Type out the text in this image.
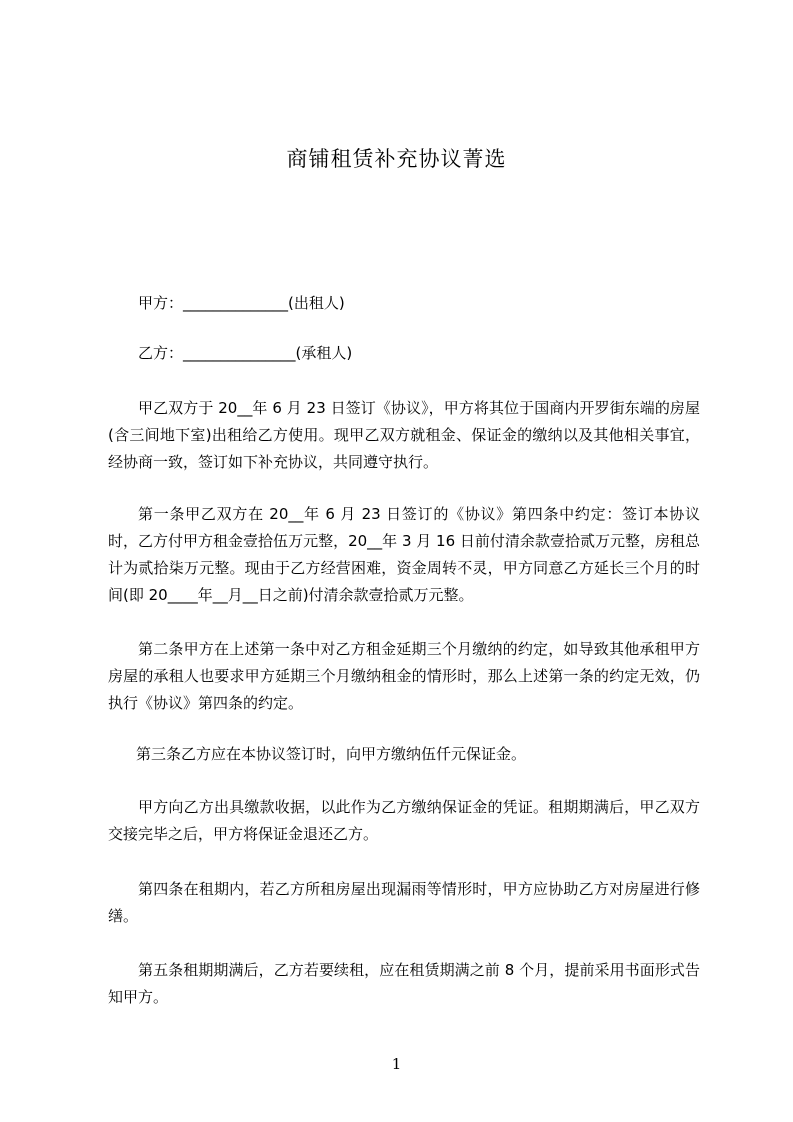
商铺租赁补充协议菁选

甲方：______________(出租人)

乙方：_______________(承租人)

甲乙双方于 20__年 6 月 23 日签订《协议》，甲方将其位于国商内开罗街东端的房屋(含三间地下室)出租给乙方使用。现甲乙双方就租金、保证金的缴纳以及其他相关事宜，经协商一致，签订如下补充协议，共同遵守执行。

第一条甲乙双方在 20__年 6 月 23 日签订的《协议》第四条中约定：签订本协议时，乙方付甲方租金壹拾伍万元整，20__年 3 月 16 日前付清余款壹拾贰万元整，房租总计为贰拾柒万元整。现由于乙方经营困难，资金周转不灵，甲方同意乙方延长三个月的时间(即 20____年__月__日之前)付清余款壹拾贰万元整。

第二条甲方在上述第一条中对乙方租金延期三个月缴纳的约定，如导致其他承租甲方房屋的承租人也要求甲方延期三个月缴纳租金的情形时，那么上述第一条的约定无效，仍执行《协议》第四条的约定。

第三条乙方应在本协议签订时，向甲方缴纳伍仟元保证金。

甲方向乙方出具缴款收据，以此作为乙方缴纳保证金的凭证。租期期满后，甲乙双方交接完毕之后，甲方将保证金退还乙方。

第四条在租期内，若乙方所租房屋出现漏雨等情形时，甲方应协助乙方对房屋进行修缮。

第五条租期期满后，乙方若要续租，应在租赁期满之前 8 个月，提前采用书面形式告知甲方。

1
